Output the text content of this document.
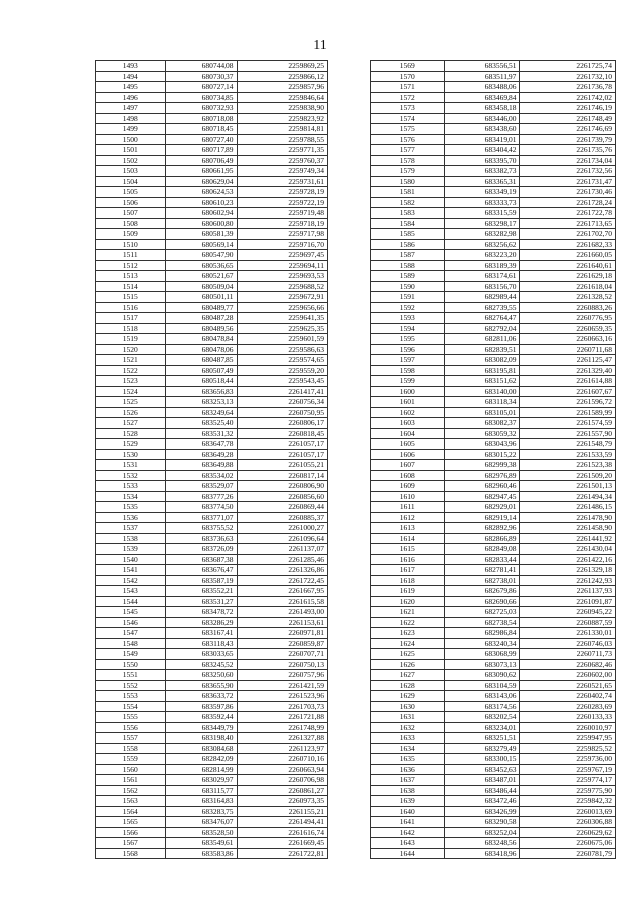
11
1493	680744,08	2259869,25
1494	680730,37	2259866,12
1495	680727,14	2259857,96
1496	680734,85	2259846,64
1497	680732,93	2259838,90
1498	680718,08	2259823,92
1499	680718,45	2259814,81
1500	680727,40	2259788,55
1501	680717,89	2259771,35
1502	680706,49	2259760,37
1503	680661,95	2259749,34
1504	680629,04	2259731,61
1505	680624,53	2259728,19
1506	680610,23	2259722,19
1507	680602,94	2259719,48
1508	680600,80	2259718,19
1509	680581,39	2259717,98
1510	680569,14	2259716,70
1511	680547,90	2259697,45
1512	680536,65	2259694,11
1513	680521,67	2259693,53
1514	680509,04	2259688,52
1515	680501,11	2259672,91
1516	680489,77	2259656,66
1517	680487,28	2259641,35
1518	680489,56	2259625,35
1519	680478,84	2259601,59
1520	680478,06	2259586,63
1521	680487,85	2259574,65
1522	680507,49	2259559,20
1523	680518,44	2259543,45
1524	683656,83	2261417,41
1525	683253,13	2260756,34
1526	683249,64	2260750,95
1527	683525,40	2260806,17
1528	683531,32	2260818,45
1529	683647,78	2261057,17
1530	683649,28	2261057,17
1531	683649,88	2261055,21
1532	683534,02	2260817,14
1533	683529,07	2260806,90
1534	683777,26	2260856,60
1535	683774,50	2260869,44
1536	683771,07	2260885,37
1537	683755,52	2261000,27
1538	683736,63	2261096,64
1539	683726,09	2261137,07
1540	683687,38	2261285,46
1541	683676,47	2261326,86
1542	683587,19	2261722,45
1543	683552,21	2261667,95
1544	683531,27	2261615,58
1545	683478,72	2261493,00
1546	683286,29	2261153,61
1547	683167,41	2260971,81
1548	683118,43	2260859,87
1549	683033,65	2260707,71
1550	683245,52	2260750,13
1551	683250,60	2260757,96
1552	683655,90	2261421,59
1553	683633,72	2261523,96
1554	683597,86	2261703,73
1555	683592,44	2261721,88
1556	683449,79	2261748,99
1557	683198,40	2261327,88
1558	683084,68	2261123,97
1559	682842,09	2260710,16
1560	682814,99	2260663,94
1561	683029,97	2260706,98
1562	683115,77	2260861,27
1563	683164,83	2260973,35
1564	683283,75	2261155,21
1565	683476,07	2261494,41
1566	683528,50	2261616,74
1567	683549,61	2261669,45
1568	683583,86	2261722,81
1569	683556,51	2261725,74
1570	683511,97	2261732,10
1571	683488,06	2261736,78
1572	683469,84	2261742,02
1573	683458,18	2261746,19
1574	683446,00	2261748,49
1575	683438,60	2261746,69
1576	683419,01	2261739,79
1577	683404,42	2261735,76
1578	683395,70	2261734,04
1579	683382,73	2261732,56
1580	683365,31	2261731,47
1581	683349,19	2261730,46
1582	683333,73	2261728,24
1583	683315,59	2261722,78
1584	683298,17	2261713,65
1585	683282,98	2261702,70
1586	683256,62	2261682,33
1587	683223,20	2261660,05
1588	683189,39	2261640,61
1589	683174,61	2261629,18
1590	683156,70	2261618,04
1591	682989,44	2261328,52
1592	682739,55	2260883,26
1593	682764,47	2260776,95
1594	682792,04	2260659,35
1595	682811,06	2260663,16
1596	682839,51	2260711,68
1597	683082,09	2261125,47
1598	683195,81	2261329,40
1599	683151,62	2261614,88
1600	683140,00	2261607,67
1601	683118,34	2261596,72
1602	683105,01	2261589,99
1603	683082,37	2261574,59
1604	683059,32	2261557,90
1605	683043,96	2261548,79
1606	683015,22	2261533,59
1607	682999,38	2261523,38
1608	682976,89	2261509,20
1609	682960,46	2261501,13
1610	682947,45	2261494,34
1611	682929,01	2261486,15
1612	682919,14	2261478,90
1613	682892,96	2261458,90
1614	682866,89	2261441,92
1615	682849,08	2261430,04
1616	682833,44	2261422,16
1617	682781,41	2261329,18
1618	682738,01	2261242,93
1619	682679,86	2261137,93
1620	682690,66	2261091,87
1621	682725,03	2260945,22
1622	682738,54	2260887,59
1623	682986,84	2261330,01
1624	683240,34	2260746,03
1625	683068,99	2260711,73
1626	683073,13	2260682,46
1627	683090,62	2260602,00
1628	683104,59	2260521,65
1629	683143,06	2260402,74
1630	683174,56	2260283,69
1631	683202,54	2260133,33
1632	683234,01	2260010,97
1633	683251,51	2259947,95
1634	683279,49	2259825,52
1635	683300,15	2259736,00
1636	683452,63	2259767,19
1637	683487,01	2259774,17
1638	683486,44	2259775,90
1639	683472,46	2259842,32
1640	683426,99	2260013,69
1641	683290,58	2260306,88
1642	683252,04	2260629,62
1643	683248,56	2260675,06
1644	683418,96	2260781,79
